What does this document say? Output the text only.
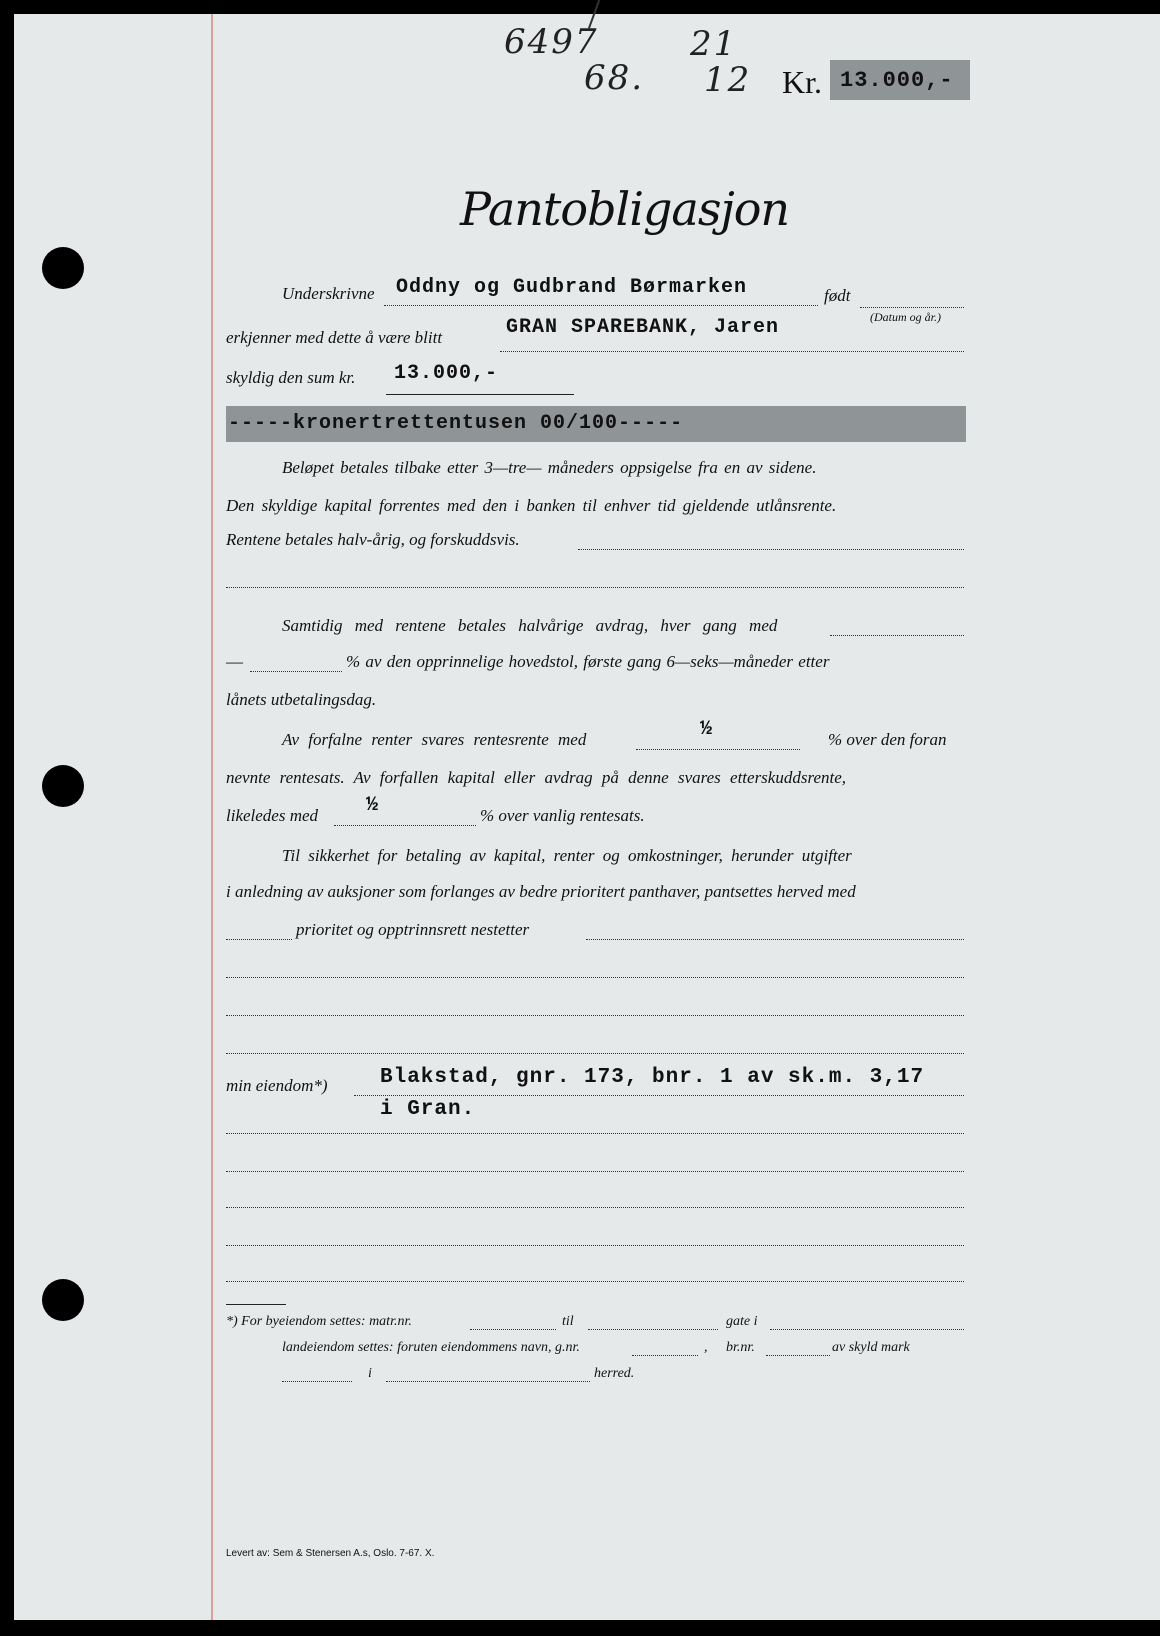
6497
68.
21
12 Kr. 13.000,-
Pantobligasjon
Underskrivne Oddny og Gudbrand Børmarken	født
(Datum og år.)
erkjenner med dette å være blitt	GRAN SPAREBANK, Jaren
skyldig den sum kr. 13.000,-
-----kronertrettentusen 00/100-----
Beløpet betales tilbake etter 3—tre— måneders oppsigelse fra en av sidene.
Den skyldige kapital forrentes med den i banken til enhver tid gjeldende utlånsrente.
Rentene betales halv-årig, og forskuddsvis.
Samtidig med rentene betales halvårige avdrag, hver gang med
—	% av den opprinnelige hovedstol, første gang 6—seks—måneder etter
lånets utbetalingsdag.
Av forfalne renter svares rentesrente med	½	% over den foran
nevnte rentesats. Av forfallen kapital eller avdrag på denne svares etterskuddsrente,
likeledes med ½	% over vanlig rentesats.
Til sikkerhet for betaling av kapital, renter og omkostninger, herunder utgifter
i anledning av auksjoner som forlanges av bedre prioritert panthaver, pantsettes herved med
prioritet og opptrinnsrett nestetter
min eiendom*) Blakstad, gnr. 173, bnr. 1 av sk.m. 3,17
i Gran.
*) For byeiendom settes: matr.nr.	til	gate i
landeiendom settes: foruten eiendommens navn, g.nr.	, br.nr.	av skyld mark
i	herred.
Levert av: Sem & Stenersen A.s, Oslo. 7-67. X.
